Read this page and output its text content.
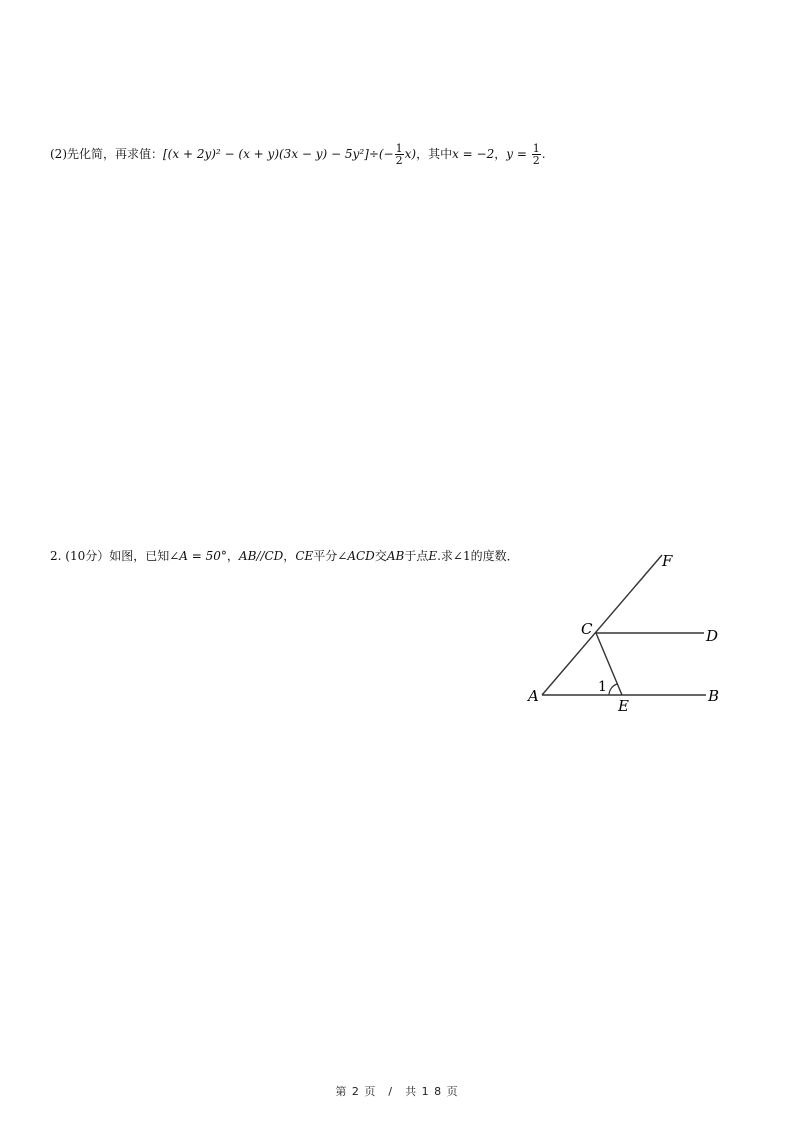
(2)先化简，再求值：$[(x + 2y)^2 - (x + y)(3x - y) - 5y^2]\div(- \frac{1}{2} x)$，其中x = −2，$y = \frac{1}{2}$ .
2. (10分）如图，已知∠A = 50°，AB//CD，CE平分∠ACD交AB于点E.求∠1的度数．	F
C	D
A
E
B
1
第 2 页　/　共 1 8 页
